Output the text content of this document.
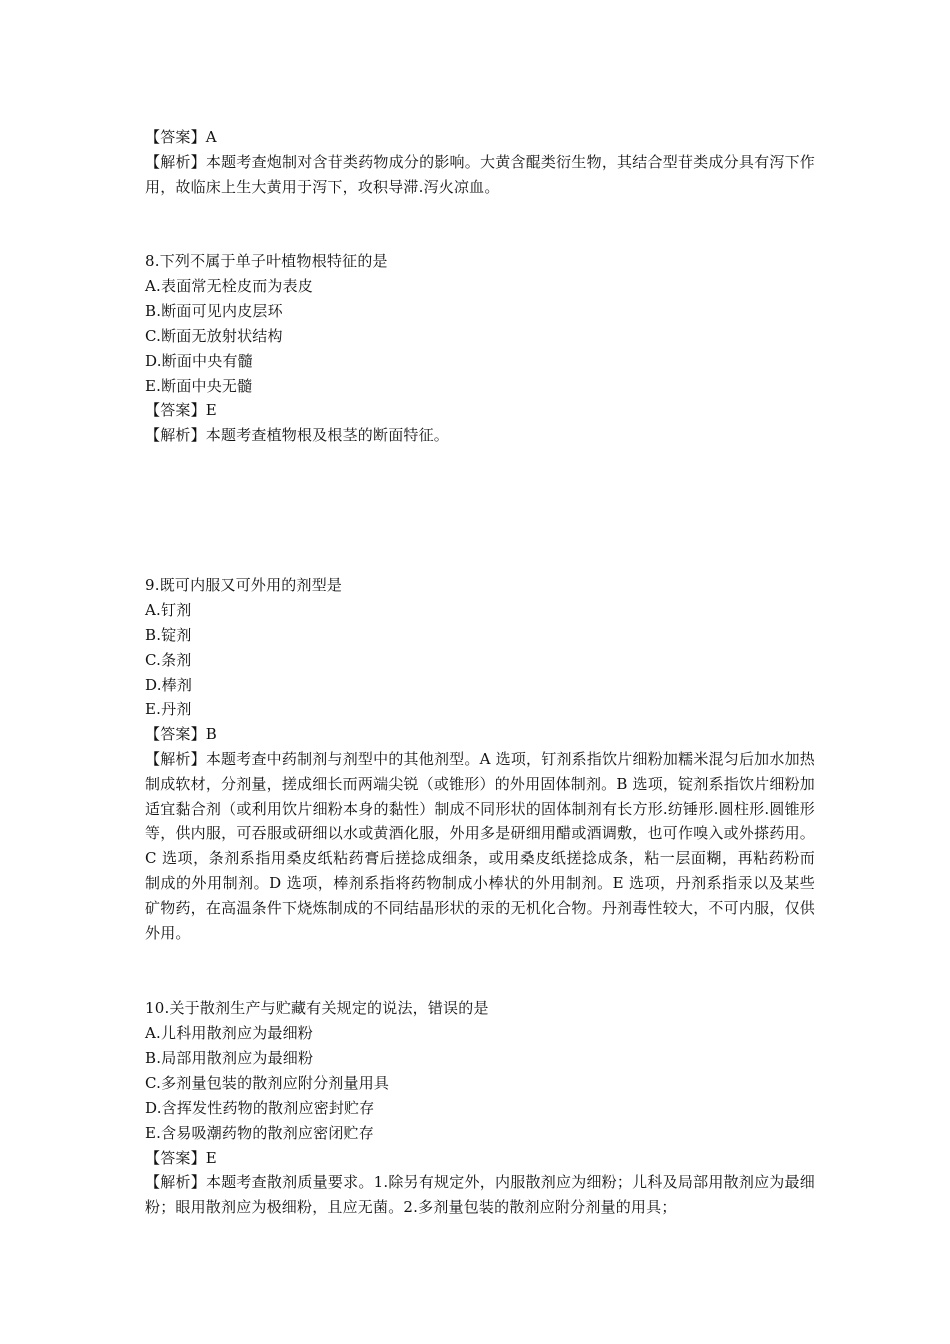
【答案】A
【解析】本题考查炮制对含苷类药物成分的影响。大黄含醌类衍生物，其结合型苷类成分具有泻下作用，故临床上生大黄用于泻下，攻积导滞.泻火凉血。
8.下列不属于单子叶植物根特征的是
A.表面常无栓皮而为表皮
B.断面可见内皮层环
C.断面无放射状结构
D.断面中央有髓
E.断面中央无髓
【答案】E
【解析】本题考查植物根及根茎的断面特征。
9.既可内服又可外用的剂型是
A.钉剂
B.锭剂
C.条剂
D.棒剂
E.丹剂
【答案】B
【解析】本题考查中药制剂与剂型中的其他剂型。A 选项，钉剂系指饮片细粉加糯米混匀后加水加热制成软材，分剂量，搓成细长而两端尖锐（或锥形）的外用固体制剂。B 选项，锭剂系指饮片细粉加适宜黏合剂（或利用饮片细粉本身的黏性）制成不同形状的固体制剂有长方形.纺锤形.圆柱形.圆锥形等，供内服，可吞服或研细以水或黄酒化服，外用多是研细用醋或酒调敷，也可作嗅入或外搽药用。C 选项，条剂系指用桑皮纸粘药膏后搓捻成细条，或用桑皮纸搓捻成条，粘一层面糊，再粘药粉而制成的外用制剂。D 选项，棒剂系指将药物制成小棒状的外用制剂。E 选项，丹剂系指汞以及某些矿物药，在高温条件下烧炼制成的不同结晶形状的汞的无机化合物。丹剂毒性较大，不可内服，仅供外用。
10.关于散剂生产与贮藏有关规定的说法，错误的是
A.儿科用散剂应为最细粉
B.局部用散剂应为最细粉
C.多剂量包装的散剂应附分剂量用具
D.含挥发性药物的散剂应密封贮存
E.含易吸潮药物的散剂应密闭贮存
【答案】E
【解析】本题考查散剂质量要求。1.除另有规定外，内服散剂应为细粉；儿科及局部用散剂应为最细粉；眼用散剂应为极细粉，且应无菌。2.多剂量包装的散剂应附分剂量的用具；
